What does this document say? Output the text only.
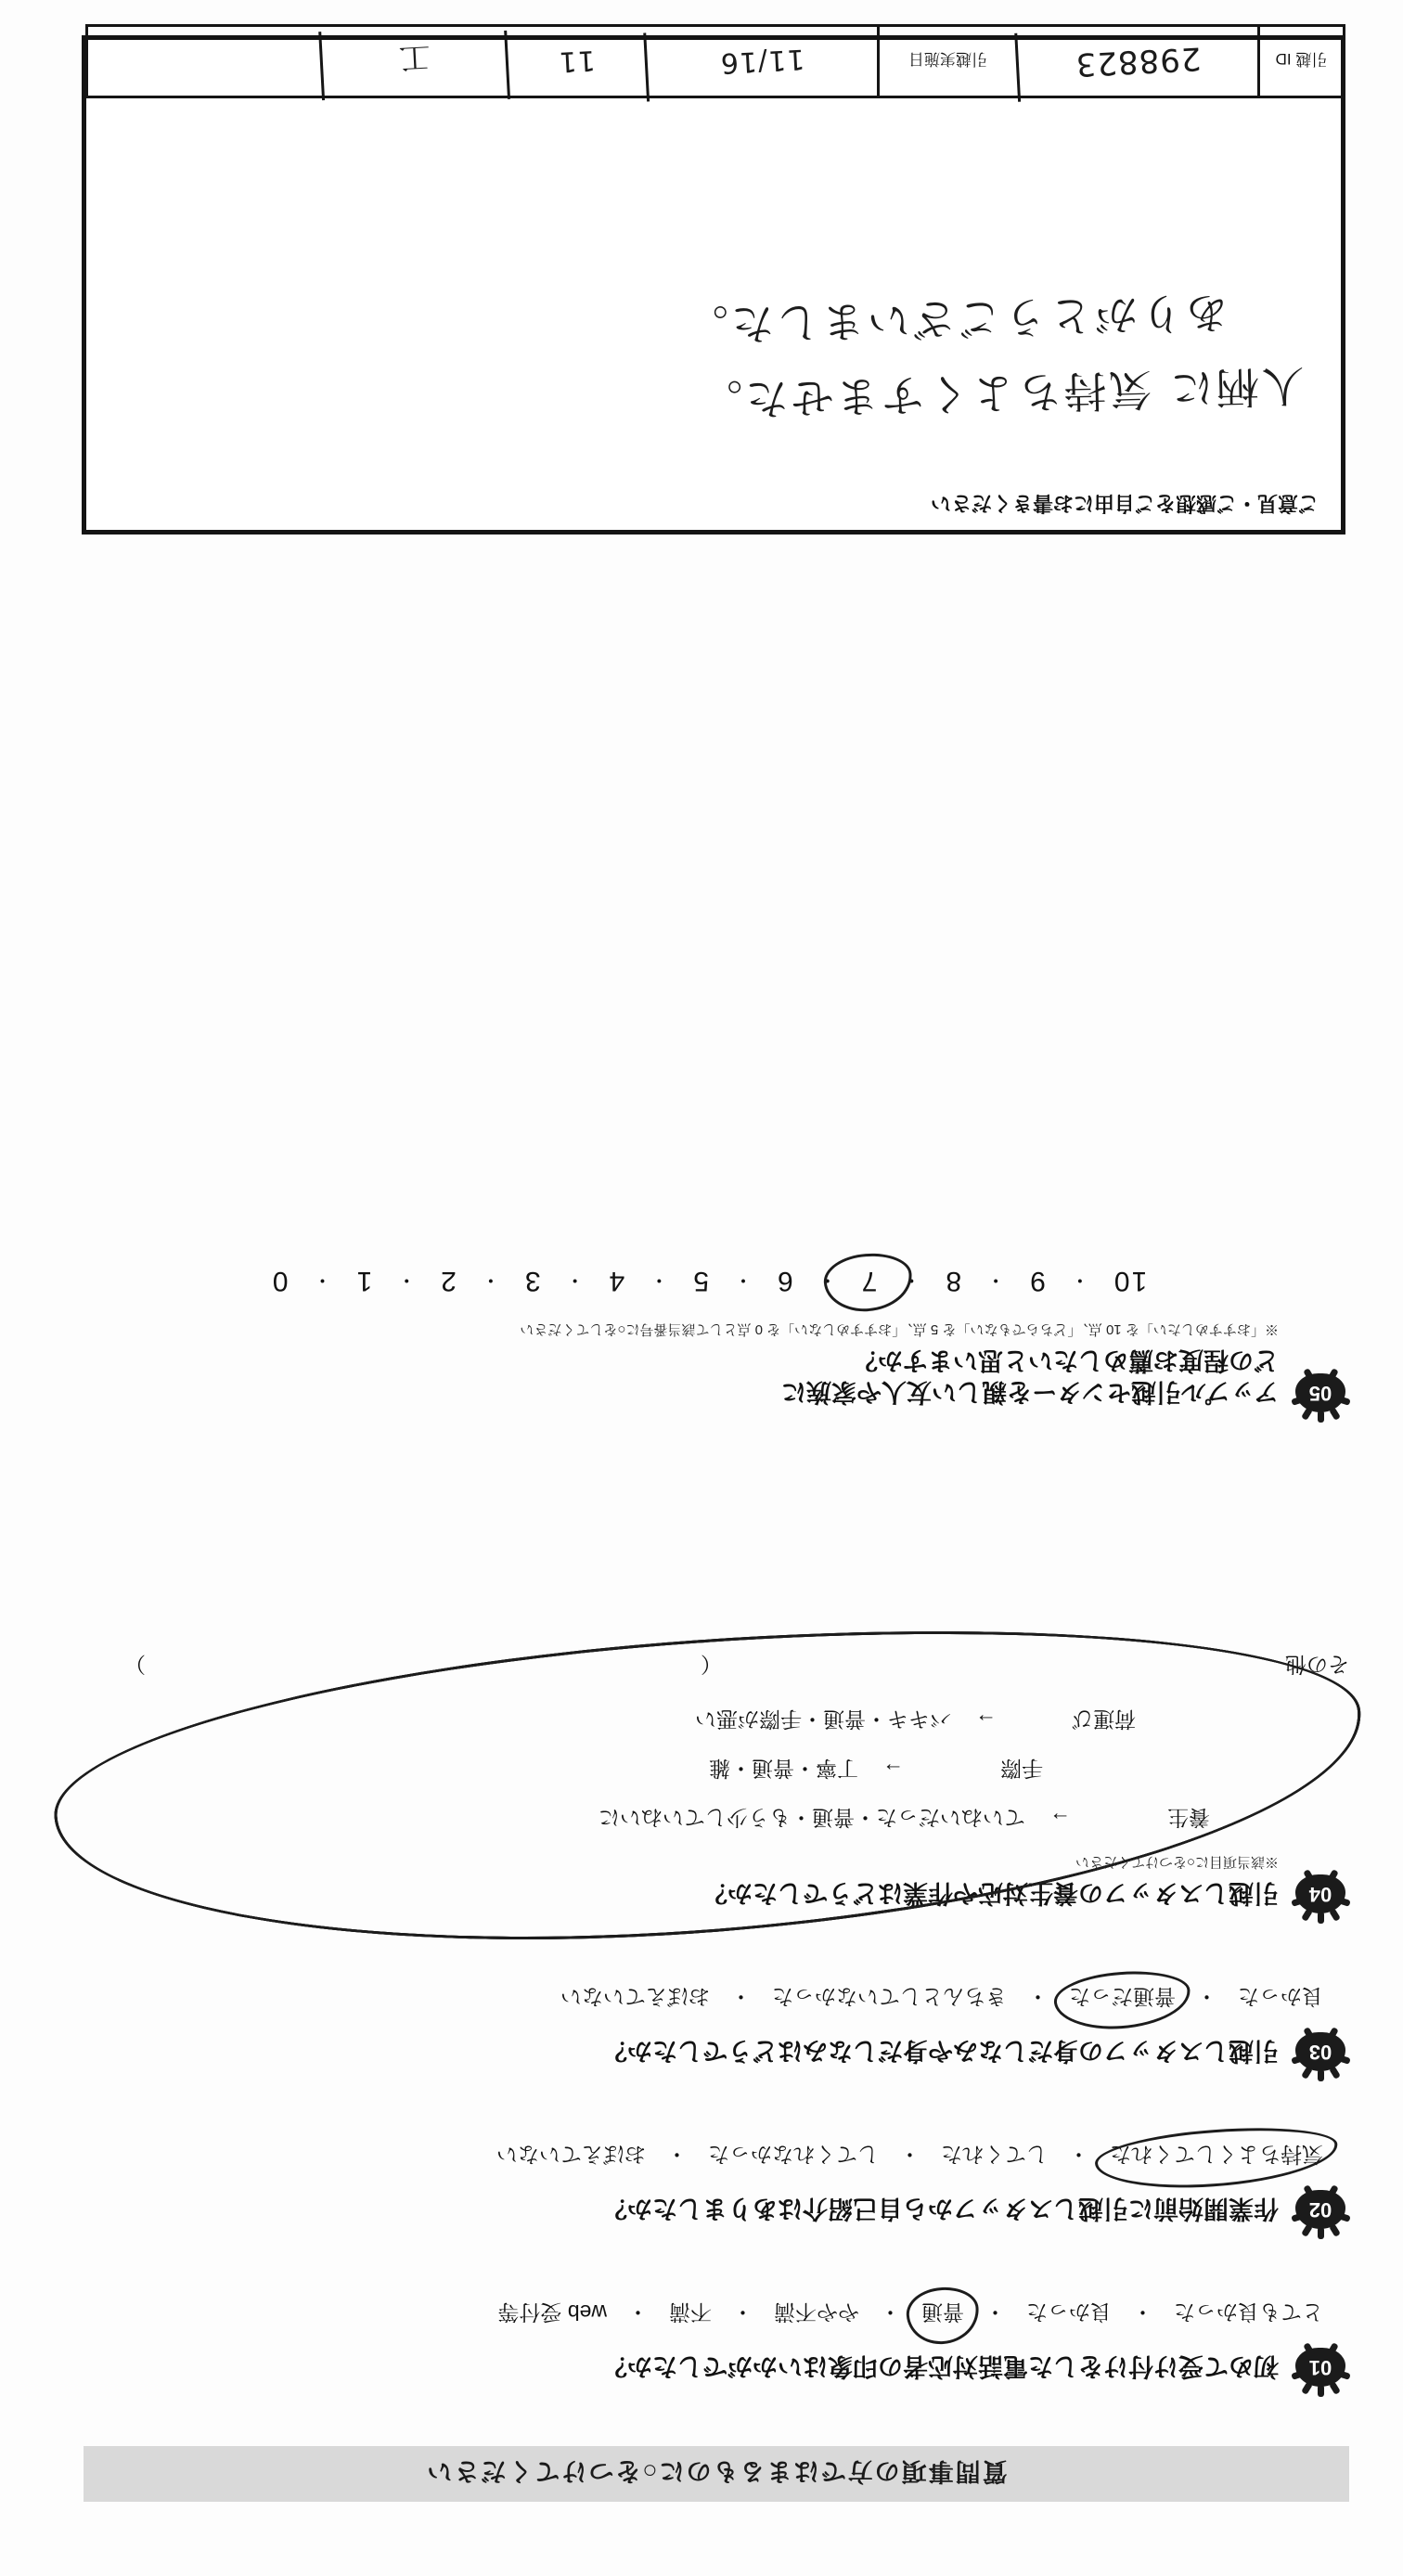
質問事項の方ではまるものに○をつけてください
01
初めて受け付けをした電話対応者の印象はいかがでしたか？
とても良かった
・
良かった
・
普通
・
やや不満
・
不満
・
web 受付等
02
作業開始前に引越しスタッフから自己紹介はありましたか？
気持ちよくしてくれた
・
してくれた
・
してくれなかった
・
おぼえていない
03
引越しスタッフの身だしなみや身だしなみはどうでしたか？
良かった
・
普通だった
・
きちんとしていなかった
・
おぼえていない
04
引越しスタッフの養生対応や作業はどうでしたか？
※該当項目に○をつけてください
養生
→
ていねいだった
・
普通
・
もう少していねいに
手際
→
丁寧
・
普通
・
雑
荷運び
→
バキキ
・
普通
・
手際が悪い
その他
（　　　　　　　　　　　　　　　　　　　　　　　　　　）
05
アップル引越センターを親しい友人や家族に
どの程度お薦めしたいと思いますか？
※「おすすめしたい」を 10 点、「どちらでもない」を 5 点、「おすすめしない」を 0 点として該当番号に○をしてください
10
・
9
・
8
・
7
・
6
・
5
・
4
・
3
・
2
・
1
・
0
ご意見・ご感想をご自由にお書きください
人柄に 気持ちよくすませた。
ありがとうございました。
引越 ID
298823
引越実施日
11/16
11
工
